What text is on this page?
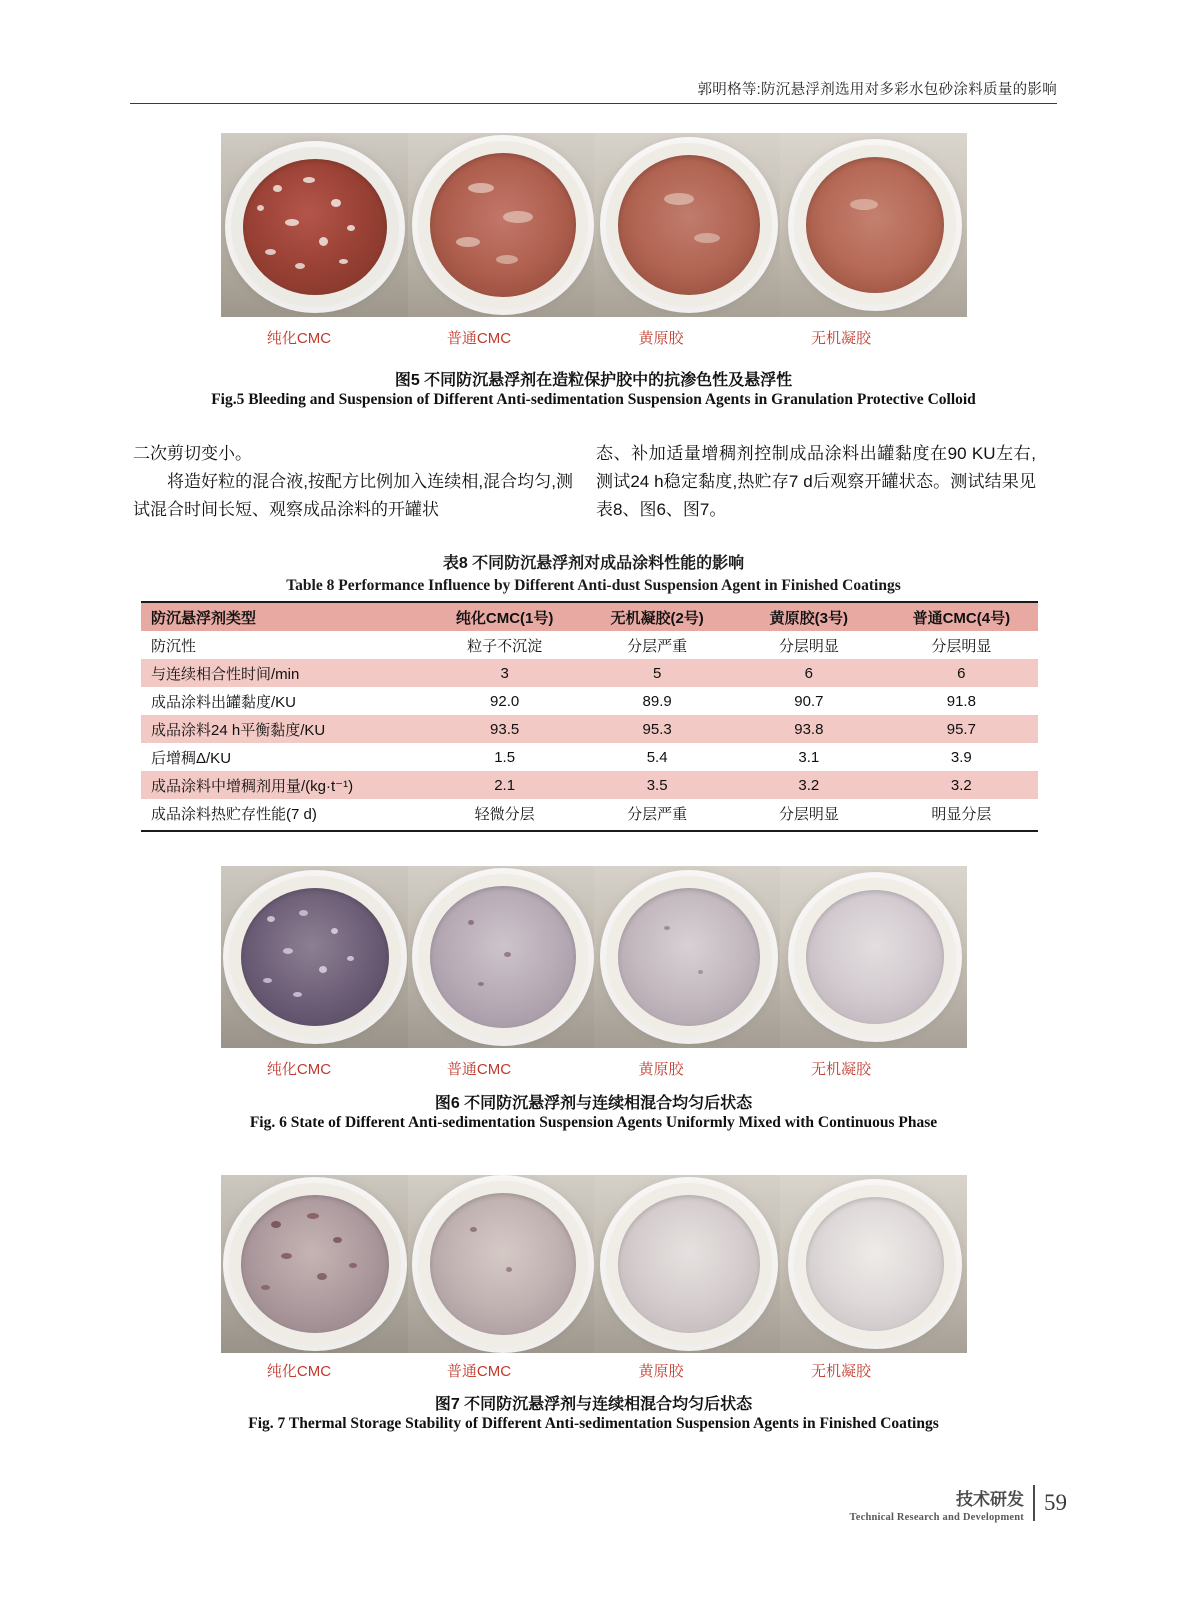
郭明格等:防沉悬浮剂选用对多彩水包砂涂料质量的影响
纯化CMC	普通CMC	黄原胶	无机凝胶
图5 不同防沉悬浮剂在造粒保护胶中的抗渗色性及悬浮性
Fig.5 Bleeding and Suspension of Different Anti-sedimentation Suspension Agents in Granulation Protective Colloid
二次剪切变小。
将造好粒的混合液,按配方比例加入连续相,混合均匀,测试混合时间长短、观察成品涂料的开罐状
态、补加适量增稠剂控制成品涂料出罐黏度在90 KU左右,测试24 h稳定黏度,热贮存7 d后观察开罐状态。测试结果见表8、图6、图7。
表8 不同防沉悬浮剂对成品涂料性能的影响
Table 8 Performance Influence by Different Anti-dust Suspension Agent in Finished Coatings
防沉悬浮剂类型	纯化CMC(1号)	无机凝胶(2号)	黄原胶(3号)	普通CMC(4号)
防沉性	粒子不沉淀	分层严重	分层明显	分层明显
与连续相合性时间/min	3	5	6	6
成品涂料出罐黏度/KU	92.0	89.9	90.7	91.8
成品涂料24 h平衡黏度/KU	93.5	95.3	93.8	95.7
后增稠Δ/KU	1.5	5.4	3.1	3.9
成品涂料中增稠剂用量/(kg·t⁻¹)	2.1	3.5	3.2	3.2
成品涂料热贮存性能(7 d)	轻微分层	分层严重	分层明显	明显分层
纯化CMC	普通CMC	黄原胶	无机凝胶
图6 不同防沉悬浮剂与连续相混合均匀后状态
Fig. 6 State of Different Anti-sedimentation Suspension Agents Uniformly Mixed with Continuous Phase
纯化CMC	普通CMC	黄原胶	无机凝胶
图7 不同防沉悬浮剂与连续相混合均匀后状态
Fig. 7 Thermal Storage Stability of Different Anti-sedimentation Suspension Agents in Finished Coatings
技术研发
Technical Research and Development
59
